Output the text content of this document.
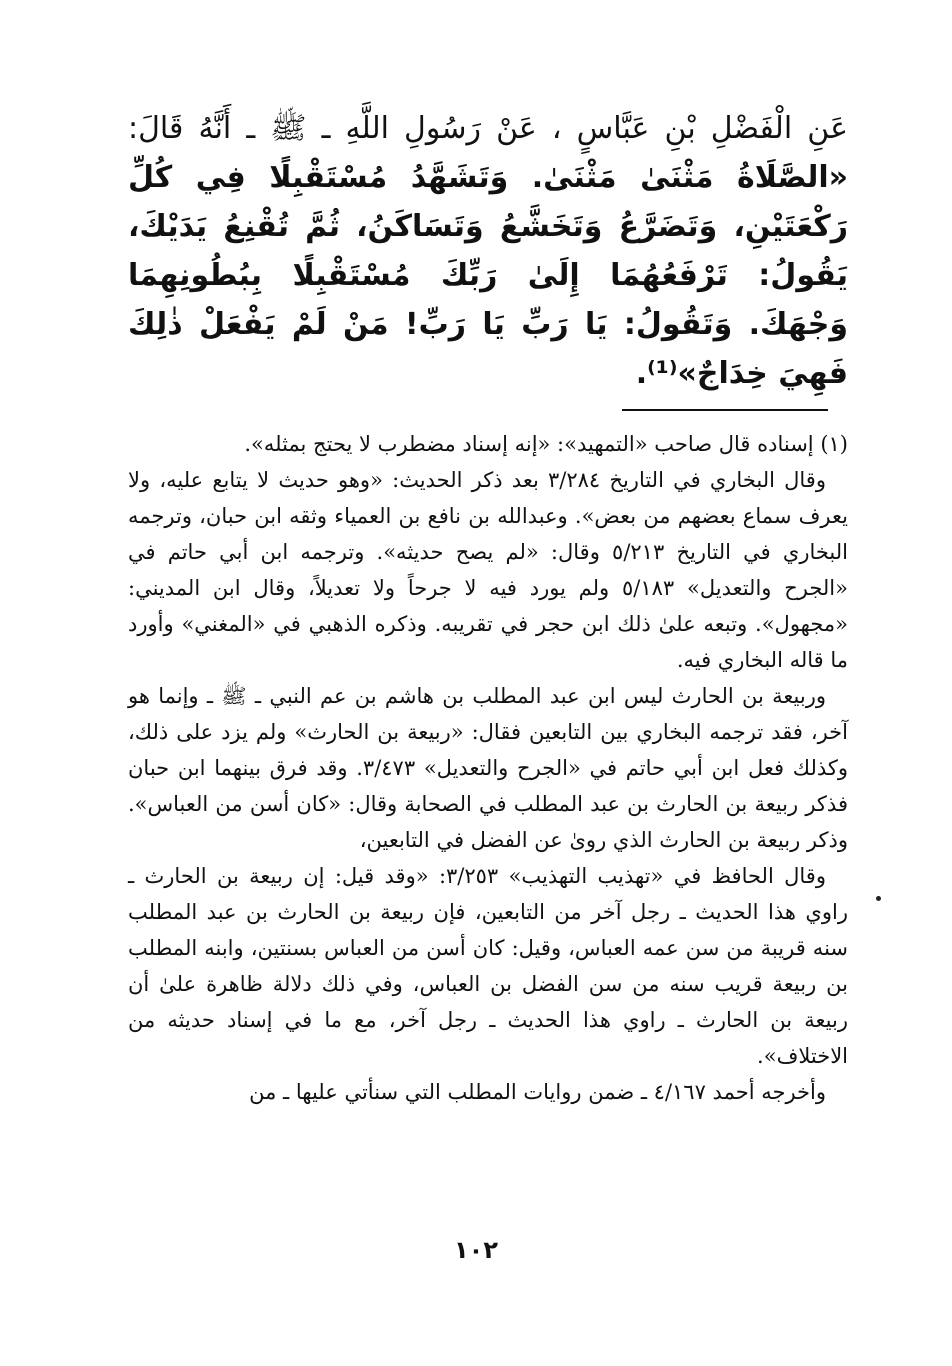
عَنِ الْفَضْلِ بْنِ عَبَّاسٍ ، عَنْ رَسُولِ اللَّهِ ـ ﷺ ـ أَنَّهُ قَالَ: «الصَّلَاةُ مَثْنَىٰ مَثْنَىٰ. وَتَشَهَّدُ مُسْتَقْبِلًا فِي كُلِّ رَكْعَتَيْنِ، وَتَضَرَّعُ وَتَخَشَّعُ وَتَسَاكَنُ، ثُمَّ تُقْنِعُ يَدَيْكَ، يَقُولُ: تَرْفَعُهُمَا إِلَىٰ رَبِّكَ مُسْتَقْبِلًا بِبُطُونِهِمَا وَجْهَكَ. وَتَقُولُ: يَا رَبِّ يَا رَبِّ! مَنْ لَمْ يَفْعَلْ ذٰلِكَ فَهِيَ خِدَاجٌ»⁽¹⁾.

(١) إسناده قال صاحب «التمهيد»: «إنه إسناد مضطرب لا يحتج بمثله».

وقال البخاري في التاريخ ٣/٢٨٤ بعد ذكر الحديث: «وهو حديث لا يتابع عليه، ولا يعرف سماع بعضهم من بعض». وعبدالله بن نافع بن العمياء وثقه ابن حبان، وترجمه البخاري في التاريخ ٥/٢١٣ وقال: «لم يصح حديثه». وترجمه ابن أبي حاتم في «الجرح والتعديل» ٥/١٨٣ ولم يورد فيه لا جرحاً ولا تعديلاً، وقال ابن المديني: «مجهول». وتبعه علىٰ ذلك ابن حجر في تقريبه. وذكره الذهبي في «المغني» وأورد ما قاله البخاري فيه.

وربيعة بن الحارث ليس ابن عبد المطلب بن هاشم بن عم النبي ـ ﷺ ـ وإنما هو آخر، فقد ترجمه البخاري بين التابعين فقال: «ربيعة بن الحارث» ولم يزد على ذلك، وكذلك فعل ابن أبي حاتم في «الجرح والتعديل» ٣/٤٧٣. وقد فرق بينهما ابن حبان فذكر ربيعة بن الحارث بن عبد المطلب في الصحابة وقال: «كان أسن من العباس». وذكر ربيعة بن الحارث الذي روىٰ عن الفضل في التابعين،

وقال الحافظ في «تهذيب التهذيب» ٣/٢٥٣: «وقد قيل: إن ربيعة بن الحارث ـ راوي هذا الحديث ـ رجل آخر من التابعين، فإن ربيعة بن الحارث بن عبد المطلب سنه قريبة من سن عمه العباس، وقيل: كان أسن من العباس بسنتين، وابنه المطلب بن ربيعة قريب سنه من سن الفضل بن العباس، وفي ذلك دلالة ظاهرة علىٰ أن ربيعة بن الحارث ـ راوي هذا الحديث ـ رجل آخر، مع ما في إسناد حديثه من الاختلاف».

وأخرجه أحمد ٤/١٦٧ ـ ضمن روايات المطلب التي سنأتي عليها ـ من

١٠٢
